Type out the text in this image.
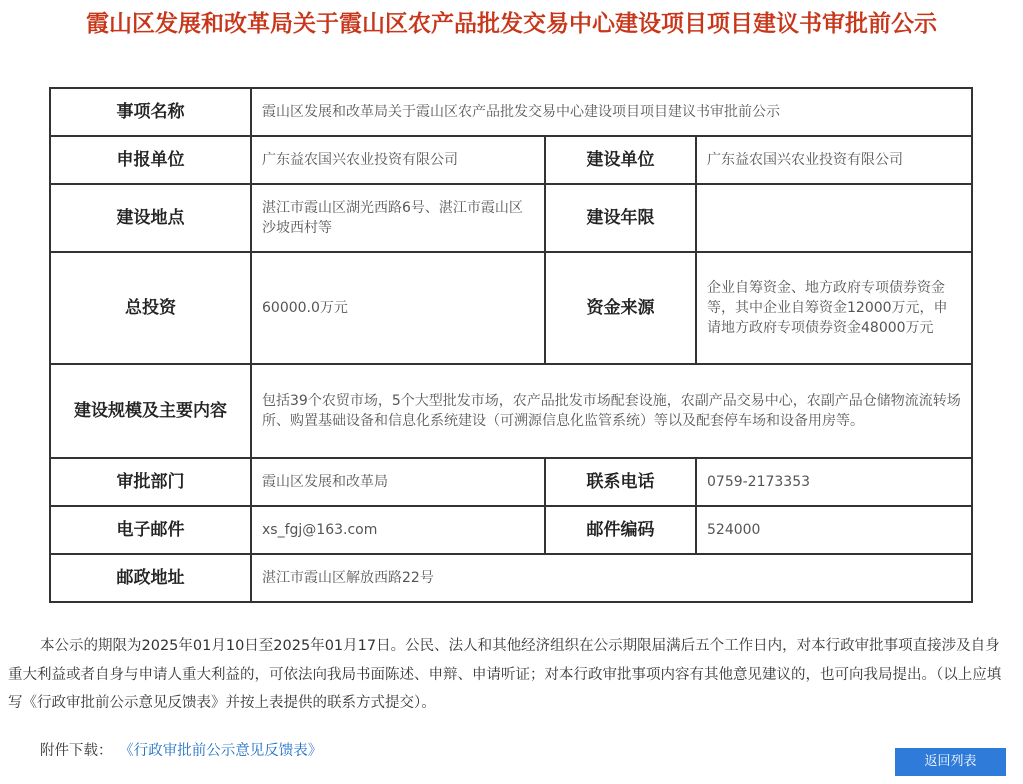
霞山区发展和改革局关于霞山区农产品批发交易中心建设项目项目建议书审批前公示
事项名称	霞山区发展和改革局关于霞山区农产品批发交易中心建设项目项目建议书审批前公示		
申报单位	广东益农国兴农业投资有限公司	建设单位	广东益农国兴农业投资有限公司
建设地点	湛江市霞山区湖光西路6号、湛江市霞山区沙坡西村等	建设年限	
总投资	60000.0万元	资金来源	企业自筹资金、地方政府专项债券资金等，其中企业自筹资金12000万元，申请地方政府专项债券资金48000万元
建设规模及主要内容	包括39个农贸市场，5个大型批发市场，农产品批发市场配套设施，农副产品交易中心，农副产品仓储物流流转场所、购置基础设备和信息化系统建设（可溯源信息化监管系统）等以及配套停车场和设备用房等。		
审批部门	霞山区发展和改革局	联系电话	0759-2173353
电子邮件	xs_fgj@163.com	邮件编码	524000
邮政地址	湛江市霞山区解放西路22号		

本公示的期限为2025年01月10日至2025年01月17日。公民、法人和其他经济组织在公示期限届满后五个工作日内，对本行政审批事项直接涉及自身重大利益或者自身与申请人重大利益的，可依法向我局书面陈述、申辩、申请听证；对本行政审批事项内容有其他意见建议的，也可向我局提出。（以上应填写《行政审批前公示意见反馈表》并按上表提供的联系方式提交）。

附件下载： 《行政审批前公示意见反馈表》
返回列表
